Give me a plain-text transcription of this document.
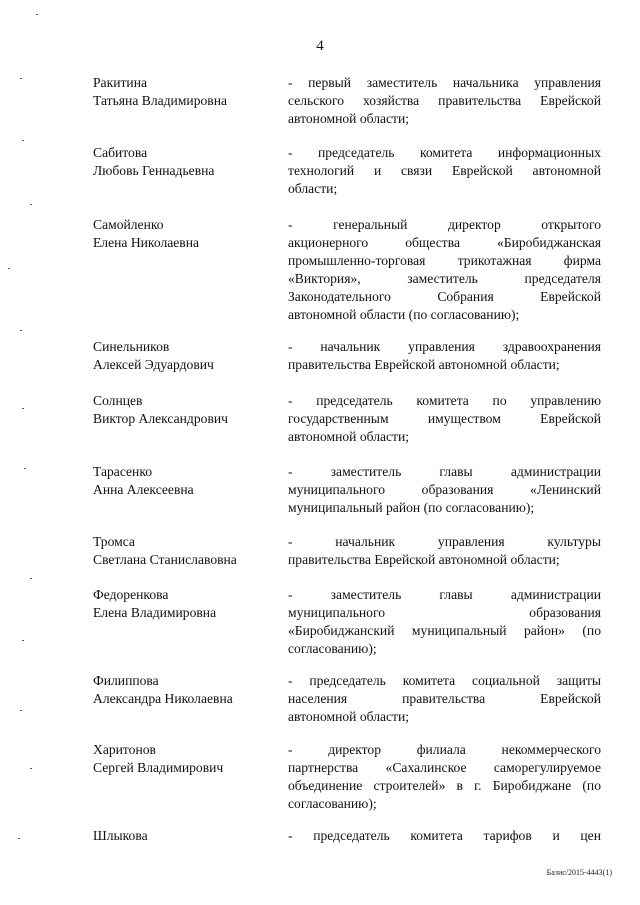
4
Ракитина
Татьяна Владимировна
- первый заместитель начальника управления
сельского хозяйства правительства Еврейской
автономной области;
Сабитова
Любовь Геннадьевна
- председатель комитета информационных
технологий и связи Еврейской автономной
области;
Самойленко
Елена Николаевна
- генеральный директор открытого
акционерного общества «Биробиджанская
промышленно-торговая трикотажная фирма
«Виктория», заместитель председателя
Законодательного Собрания Еврейской
автономной области (по согласованию);
Синельников
Алексей Эдуардович
- начальник управления здравоохранения
правительства Еврейской автономной области;
Солнцев
Виктор Александрович
- председатель комитета по управлению
государственным имуществом Еврейской
автономной области;
Тарасенко
Анна Алексеевна
- заместитель главы администрации
муниципального образования «Ленинский
муниципальный район (по согласованию);
Тромса
Светлана Станиславовна
- начальник управления культуры
правительства Еврейской автономной области;
Федоренкова
Елена Владимировна
- заместитель главы администрации
муниципального образования
«Биробиджанский муниципальный район» (по
согласованию);
Филиппова
Александра Николаевна
- председатель комитета социальной защиты
населения правительства Еврейской
автономной области;
Харитонов
Сергей Владимирович
- директор филиала некоммерческого
партнерства «Сахалинское саморегулируемое
объединение строителей» в г. Биробиджане (по
согласованию);
Шлыкова	- председатель комитета тарифов и цен
Базис/2015-4443(1)
